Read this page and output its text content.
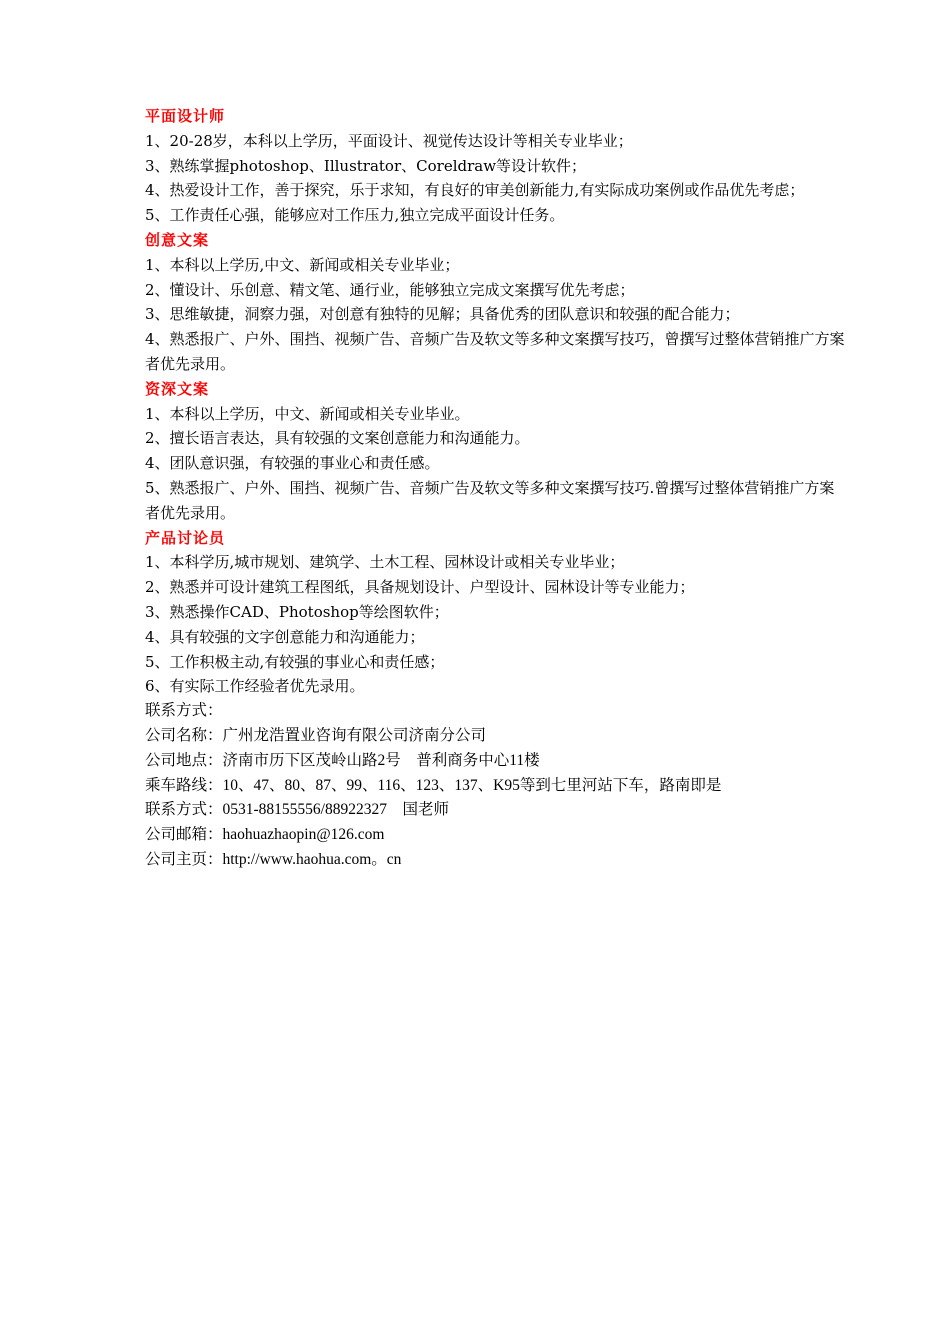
平面设计师
1、20-28岁，本科以上学历，平面设计、视觉传达设计等相关专业毕业；
3、熟练掌握photoshop、Illustrator、Coreldraw等设计软件；
4、热爱设计工作，善于探究，乐于求知，有良好的审美创新能力,有实际成功案例或作品优先考虑；
5、工作责任心强，能够应对工作压力,独立完成平面设计任务。
创意文案
1、本科以上学历,中文、新闻或相关专业毕业；
2、懂设计、乐创意、精文笔、通行业，能够独立完成文案撰写优先考虑；
3、思维敏捷，洞察力强，对创意有独特的见解；具备优秀的团队意识和较强的配合能力；
4、熟悉报广、户外、围挡、视频广告、音频广告及软文等多种文案撰写技巧，曾撰写过整体营销推广方案者优先录用。
资深文案
1、本科以上学历，中文、新闻或相关专业毕业。
2、擅长语言表达，具有较强的文案创意能力和沟通能力。
4、团队意识强，有较强的事业心和责任感。
5、熟悉报广、户外、围挡、视频广告、音频广告及软文等多种文案撰写技巧.曾撰写过整体营销推广方案者优先录用。
产品讨论员
1、本科学历,城市规划、建筑学、土木工程、园林设计或相关专业毕业；
2、熟悉并可设计建筑工程图纸，具备规划设计、户型设计、园林设计等专业能力；
3、熟悉操作CAD、Photoshop等绘图软件；
4、具有较强的文字创意能力和沟通能力；
5、工作积极主动,有较强的事业心和责任感；
6、有实际工作经验者优先录用。
联系方式：
公司名称：广州龙浩置业咨询有限公司济南分公司
公司地点：济南市历下区茂岭山路2号　普利商务中心11楼
乘车路线：10、47、80、87、99、116、123、137、K95等到七里河站下车，路南即是
联系方式：0531-88155556/88922327　国老师
公司邮箱：haohuazhaopin@126.com
公司主页：http://www.haohua.com。cn
